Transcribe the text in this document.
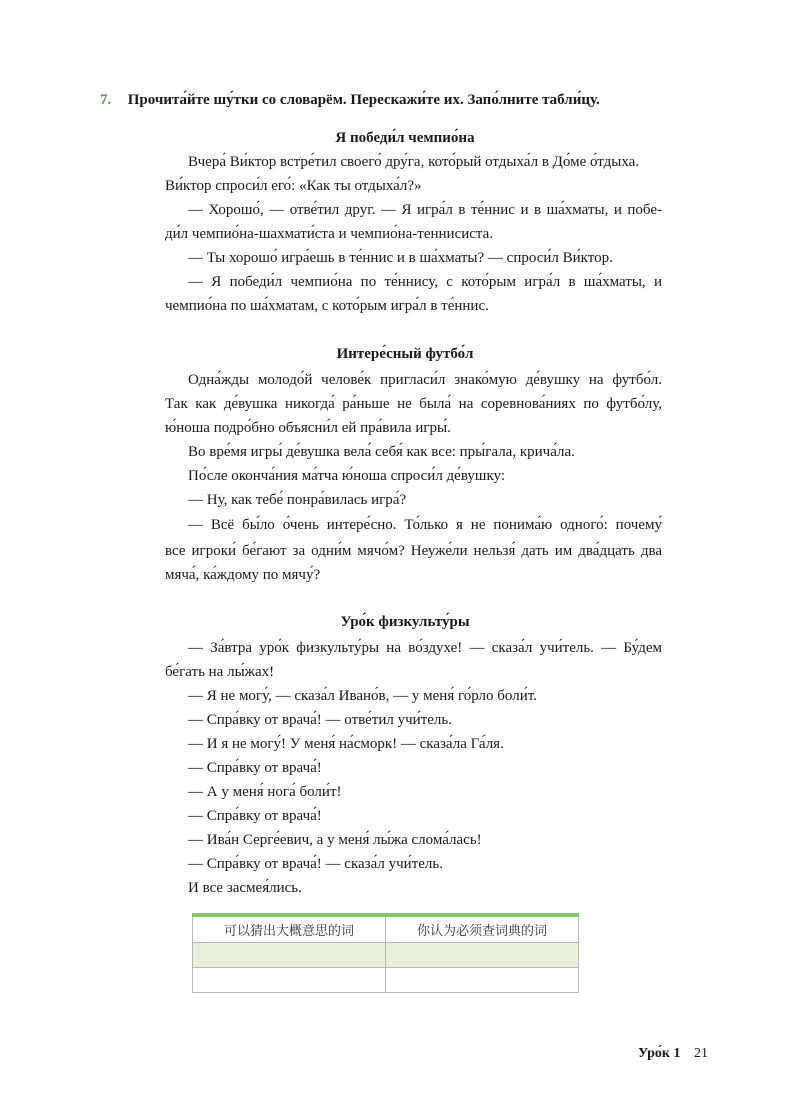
7. Прочита́йте шу́тки со словарём. Перескажи́те их. Запо́лните табли́цу.
Я победи́л чемпио́на
Вчера́ Ви́ктор встре́тил своего́ дру́га, кото́рый отдыха́л в До́ме о́тдыха.
Ви́ктор спроси́л его́: «Как ты отдыха́л?»
— Хорошо́, — отве́тил друг. — Я игра́л в те́ннис и в ша́хматы, и побе-
ди́л чемпио́на-шахмати́ста и чемпио́на-теннисиста.
— Ты хорошо́ игра́ешь в те́ннис и в ша́хматы? — спроси́л Ви́ктор.
— Я победи́л чемпио́на по те́ннису, с кото́рым игра́л в ша́хматы, и
чемпио́на по ша́хматам, с кото́рым игра́л в те́ннис.
Интере́сный футбо́л
Одна́жды молодо́й челове́к пригласи́л знако́мую де́вушку на футбо́л.
Так как де́вушка никогда́ ра́ньше не была́ на соревнова́ниях по футбо́лу,
ю́ноша подро́бно объясни́л ей пра́вила игры́.
Во вре́мя игры́ де́вушка вела́ себя́ как все: пры́гала, крича́ла.
По́сле оконча́ния ма́тча ю́ноша спроси́л де́вушку:
— Ну, как тебе́ понра́вилась игра́?
— Всё бы́ло о́чень интере́сно. То́лько я не понима́ю одного́: почему́
все игроки́ бе́гают за одни́м мячо́м? Неуже́ли нельзя́ дать им два́дцать два
мяча́, ка́ждому по мячу́?
Уро́к физкульту́ры
— За́втра уро́к физкульту́ры на во́здухе! — сказа́л учи́тель. — Бу́дем
бе́гать на лы́жах!
— Я не могу́, — сказа́л Ивано́в, — у меня́ го́рло боли́т.
— Спра́вку от врача́! — отве́тил учи́тель.
— И я не могу́! У меня́ на́сморк! — сказа́ла Га́ля.
— Спра́вку от врача́!
— А у меня́ нога́ боли́т!
— Спра́вку от врача́!
— Ива́н Серге́евич, а у меня́ лы́жа слома́лась!
— Спра́вку от врача́! — сказа́л учи́тель.
И все засмея́лись.
可以猜出大概意思的词	你认为必须查词典的词

Уро́к 1 21
